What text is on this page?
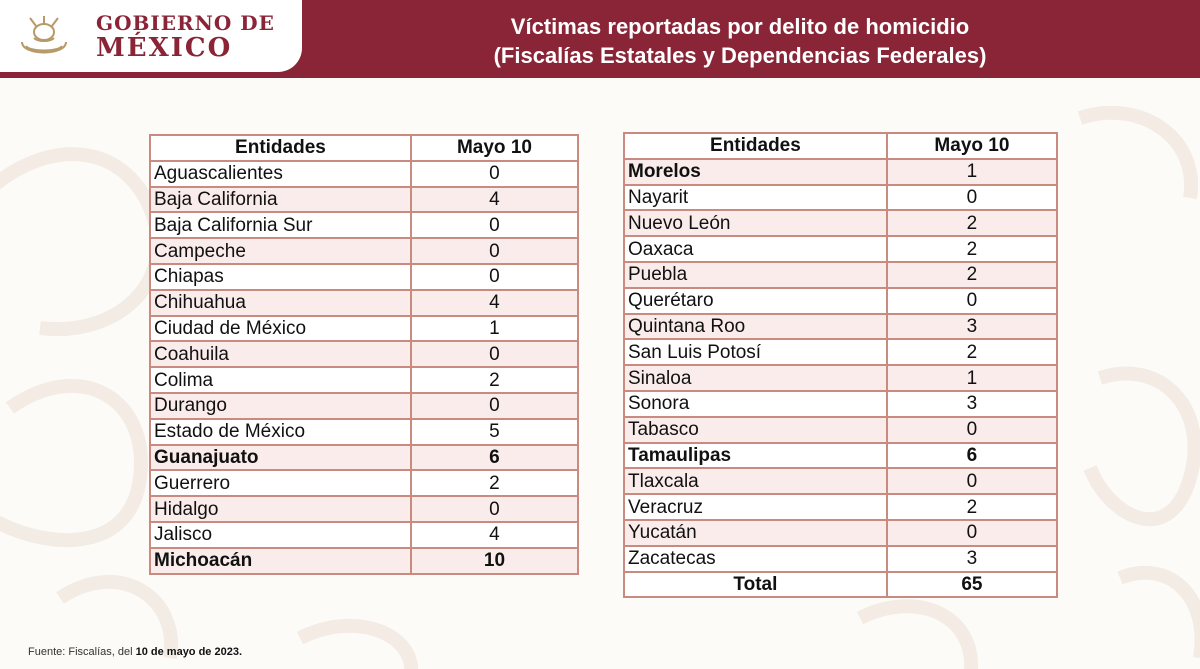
GOBIERNO DE
MÉXICO
Víctimas reportadas por delito de homicidio
(Fiscalías Estatales y Dependencias Federales)
Entidades	Mayo 10
Aguascalientes	0
Baja California	4
Baja California Sur	0
Campeche	0
Chiapas	0
Chihuahua	4
Ciudad de México	1
Coahuila	0
Colima	2
Durango	0
Estado de México	5
Guanajuato	6
Guerrero	2
Hidalgo	0
Jalisco	4
Michoacán	10
Entidades	Mayo 10
Morelos	1
Nayarit	0
Nuevo León	2
Oaxaca	2
Puebla	2
Querétaro	0
Quintana Roo	3
San Luis Potosí	2
Sinaloa	1
Sonora	3
Tabasco	0
Tamaulipas	6
Tlaxcala	0
Veracruz	2
Yucatán	0
Zacatecas	3
Total	65
Fuente: Fiscalías, del 10 de mayo de 2023.
